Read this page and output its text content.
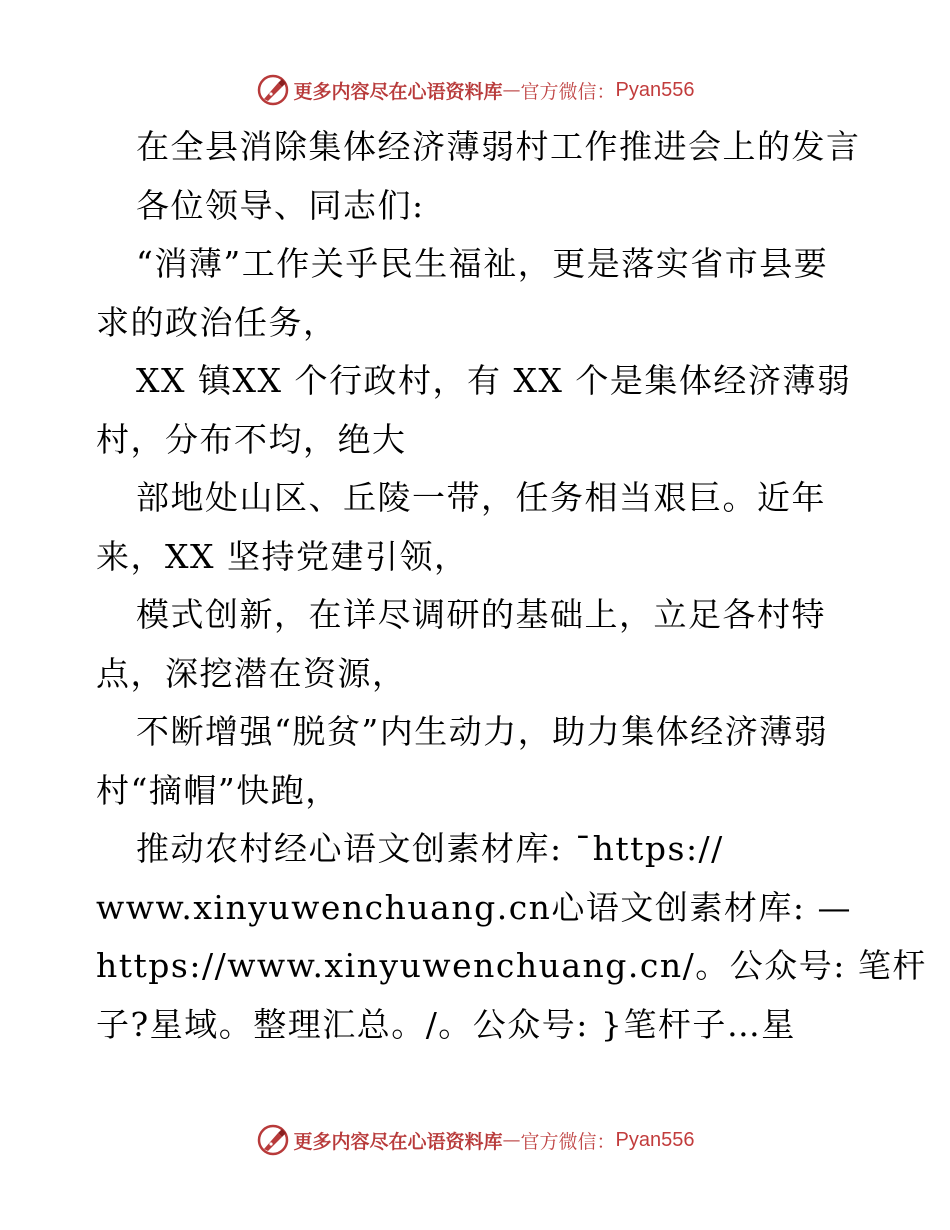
更多内容尽在心语资料库 — 官方微信： Pyan556
在全县消除集体经济薄弱村工作推进会上的发言
各位领导、同志们:
“消薄”工作关乎民生福祉，更是落实省市县要
求的政治任务，
XX 镇XX 个行政村，有 XX 个是集体经济薄弱
村，分布不均，绝大
部地处山区、丘陵一带，任务相当艰巨。近年
来，XX 坚持党建引领，
模式创新，在详尽调研的基础上，立足各村特
点，深挖潜在资源，
不断增强“脱贫”内生动力，助力集体经济薄弱
村“摘帽”快跑，
推动农村经心语文创素材库: ¯https://
www.xinyuwenchuang.cn心语文创素材库: —
https://www.xinyuwenchuang.cn/。公众号: 笔杆
子?星域。整理汇总。/。公众号: }笔杆子…星
更多内容尽在心语资料库 — 官方微信： Pyan556
